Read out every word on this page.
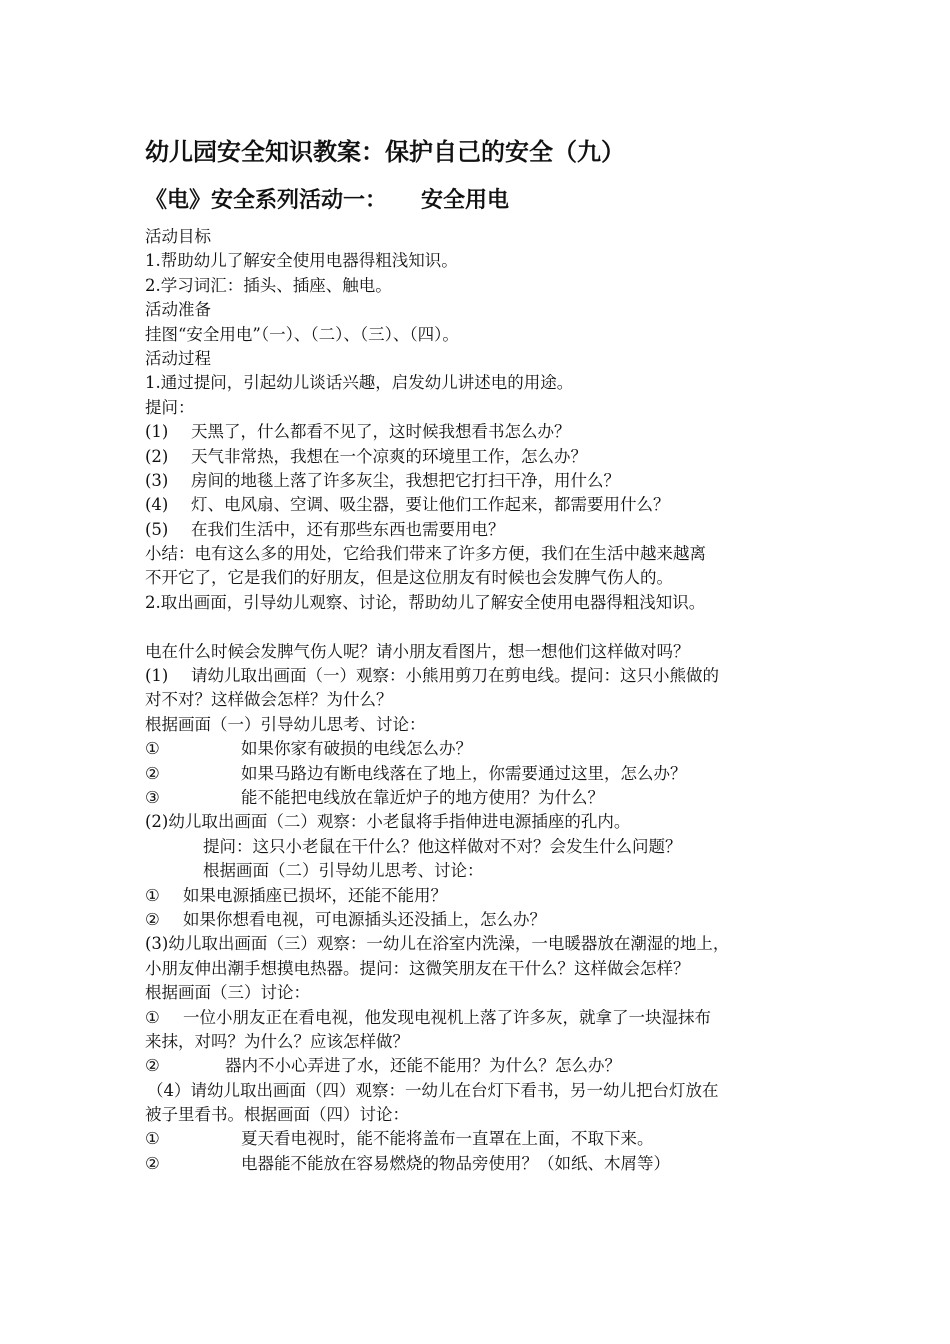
幼儿园安全知识教案：保护自己的安全（九）
《电》安全系列活动一： 安全用电
活动目标
1.帮助幼儿了解安全使用电器得粗浅知识。
2.学习词汇：插头、插座、触电。
活动准备
挂图“安全用电”（一）、（二）、（三）、（四）。
活动过程
1.通过提问，引起幼儿谈话兴趣，启发幼儿讲述电的用途。
提问：
(1) 天黑了，什么都看不见了，这时候我想看书怎么办？
(2) 天气非常热，我想在一个凉爽的环境里工作，怎么办？
(3) 房间的地毯上落了许多灰尘，我想把它打扫干净，用什么？
(4) 灯、电风扇、空调、吸尘器，要让他们工作起来，都需要用什么？
(5) 在我们生活中，还有那些东西也需要用电？
小结：电有这么多的用处，它给我们带来了许多方便，我们在生活中越来越离
不开它了，它是我们的好朋友，但是这位朋友有时候也会发脾气伤人的。
2.取出画面，引导幼儿观察、讨论，帮助幼儿了解安全使用电器得粗浅知识。
电在什么时候会发脾气伤人呢？请小朋友看图片，想一想他们这样做对吗？
(1) 请幼儿取出画面（一）观察：小熊用剪刀在剪电线。提问：这只小熊做的
对不对？这样做会怎样？为什么？
根据画面（一）引导幼儿思考、讨论：
①	如果你家有破损的电线怎么办？
②	如果马路边有断电线落在了地上，你需要通过这里，怎么办？
③	能不能把电线放在靠近炉子的地方使用？为什么？
(2)幼儿取出画面（二）观察：小老鼠将手指伸进电源插座的孔内。
提问：这只小老鼠在干什么？他这样做对不对？会发生什么问题？
根据画面（二）引导幼儿思考、讨论：
① 如果电源插座已损坏，还能不能用？
② 如果你想看电视，可电源插头还没插上，怎么办？
(3)幼儿取出画面（三）观察：一幼儿在浴室内洗澡，一电暖器放在潮湿的地上，
小朋友伸出潮手想摸电热器。提问：这微笑朋友在干什么？这样做会怎样？
根据画面（三）讨论：
① 一位小朋友正在看电视，他发现电视机上落了许多灰，就拿了一块湿抹布
来抹，对吗？为什么？应该怎样做？
②	器内不小心弄进了水，还能不能用？为什么？怎么办？
（4）请幼儿取出画面（四）观察：一幼儿在台灯下看书，另一幼儿把台灯放在
被子里看书。根据画面（四）讨论：
①	夏天看电视时，能不能将盖布一直罩在上面，不取下来。
②	电器能不能放在容易燃烧的物品旁使用？（如纸、木屑等）
